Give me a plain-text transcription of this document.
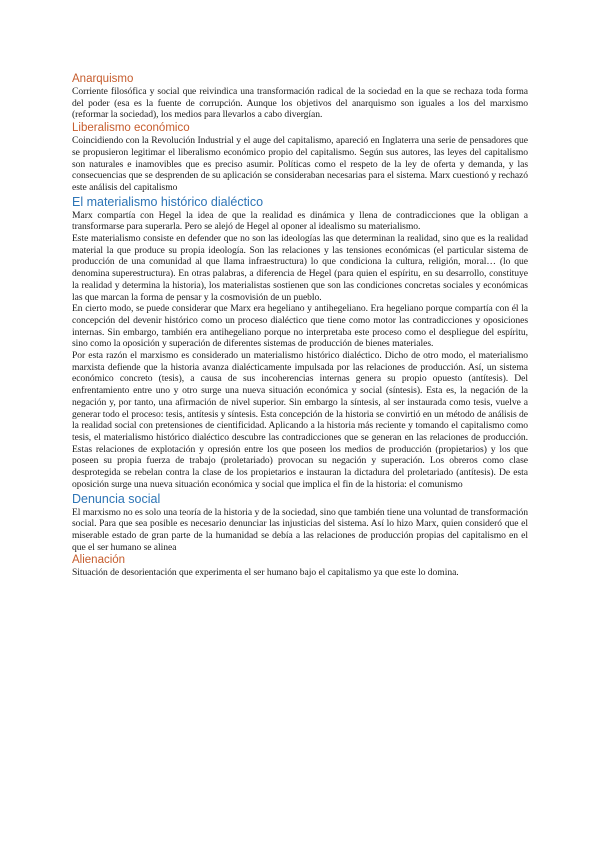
Anarquismo

Corriente filosófica y social que reivindica una transformación radical de la sociedad en la que se rechaza toda forma del poder (esa es la fuente de corrupción. Aunque los objetivos del anarquismo son iguales a los del marxismo (reformar la sociedad), los medios para llevarlos a cabo divergían.

Liberalismo económico

Coincidiendo con la Revolución Industrial y el auge del capitalismo, apareció en Inglaterra una serie de pensadores que se propusieron legitimar el liberalismo económico propio del capitalismo. Según sus autores, las leyes del capitalismo son naturales e inamovibles que es preciso asumir. Políticas como el respeto de la ley de oferta y demanda, y las consecuencias que se desprenden de su aplicación se consideraban necesarias para el sistema. Marx cuestionó y rechazó este análisis del capitalismo

El materialismo histórico dialéctico

Marx compartía con Hegel la idea de que la realidad es dinámica y llena de contradicciones que la obligan a transformarse para superarla. Pero se alejó de Hegel al oponer al idealismo su materialismo.

Este materialismo consiste en defender que no son las ideologías las que determinan la realidad, sino que es la realidad material la que produce su propia ideología. Son las relaciones y las tensiones económicas (el particular sistema de producción de una comunidad al que llama infraestructura) lo que condiciona la cultura, religión, moral… (lo que denomina superestructura). En otras palabras, a diferencia de Hegel (para quien el espíritu, en su desarrollo, constituye la realidad y determina la historia), los materialistas sostienen que son las condiciones concretas sociales y económicas las que marcan la forma de pensar y la cosmovisión de un pueblo.

En cierto modo, se puede considerar que Marx era hegeliano y antihegeliano. Era hegeliano porque compartía con él la concepción del devenir histórico como un proceso dialéctico que tiene como motor las contradicciones y oposiciones internas. Sin embargo, también era antihegeliano porque no interpretaba este proceso como el despliegue del espíritu, sino como la oposición y superación de diferentes sistemas de producción de bienes materiales.

Por esta razón el marxismo es considerado un materialismo histórico dialéctico. Dicho de otro modo, el materialismo marxista defiende que la historia avanza dialécticamente impulsada por las relaciones de producción. Así, un sistema económico concreto (tesis), a causa de sus incoherencias internas genera su propio opuesto (antítesis). Del enfrentamiento entre uno y otro surge una nueva situación económica y social (síntesis). Esta es, la negación de la negación y, por tanto, una afirmación de nivel superior. Sin embargo la síntesis, al ser instaurada como tesis, vuelve a generar todo el proceso: tesis, antítesis y síntesis. Esta concepción de la historia se convirtió en un método de análisis de la realidad social con pretensiones de cientificidad. Aplicando a la historia más reciente y tomando el capitalismo como tesis, el materialismo histórico dialéctico descubre las contradicciones que se generan en las relaciones de producción. Estas relaciones de explotación y opresión entre los que poseen los medios de producción (propietarios) y los que poseen su propia fuerza de trabajo (proletariado) provocan su negación y superación. Los obreros como clase desprotegida se rebelan contra la clase de los propietarios e instauran la dictadura del proletariado (antítesis). De esta oposición surge una nueva situación económica y social que implica el fin de la historia: el comunismo

Denuncia social

El marxismo no es solo una teoría de la historia y de la sociedad, sino que también tiene una voluntad de transformación social. Para que sea posible es necesario denunciar las injusticias del sistema. Así lo hizo Marx, quien consideró que el miserable estado de gran parte de la humanidad se debía a las relaciones de producción propias del capitalismo en el que el ser humano se alinea

Alienación

Situación de desorientación que experimenta el ser humano bajo el capitalismo ya que este lo domina.
